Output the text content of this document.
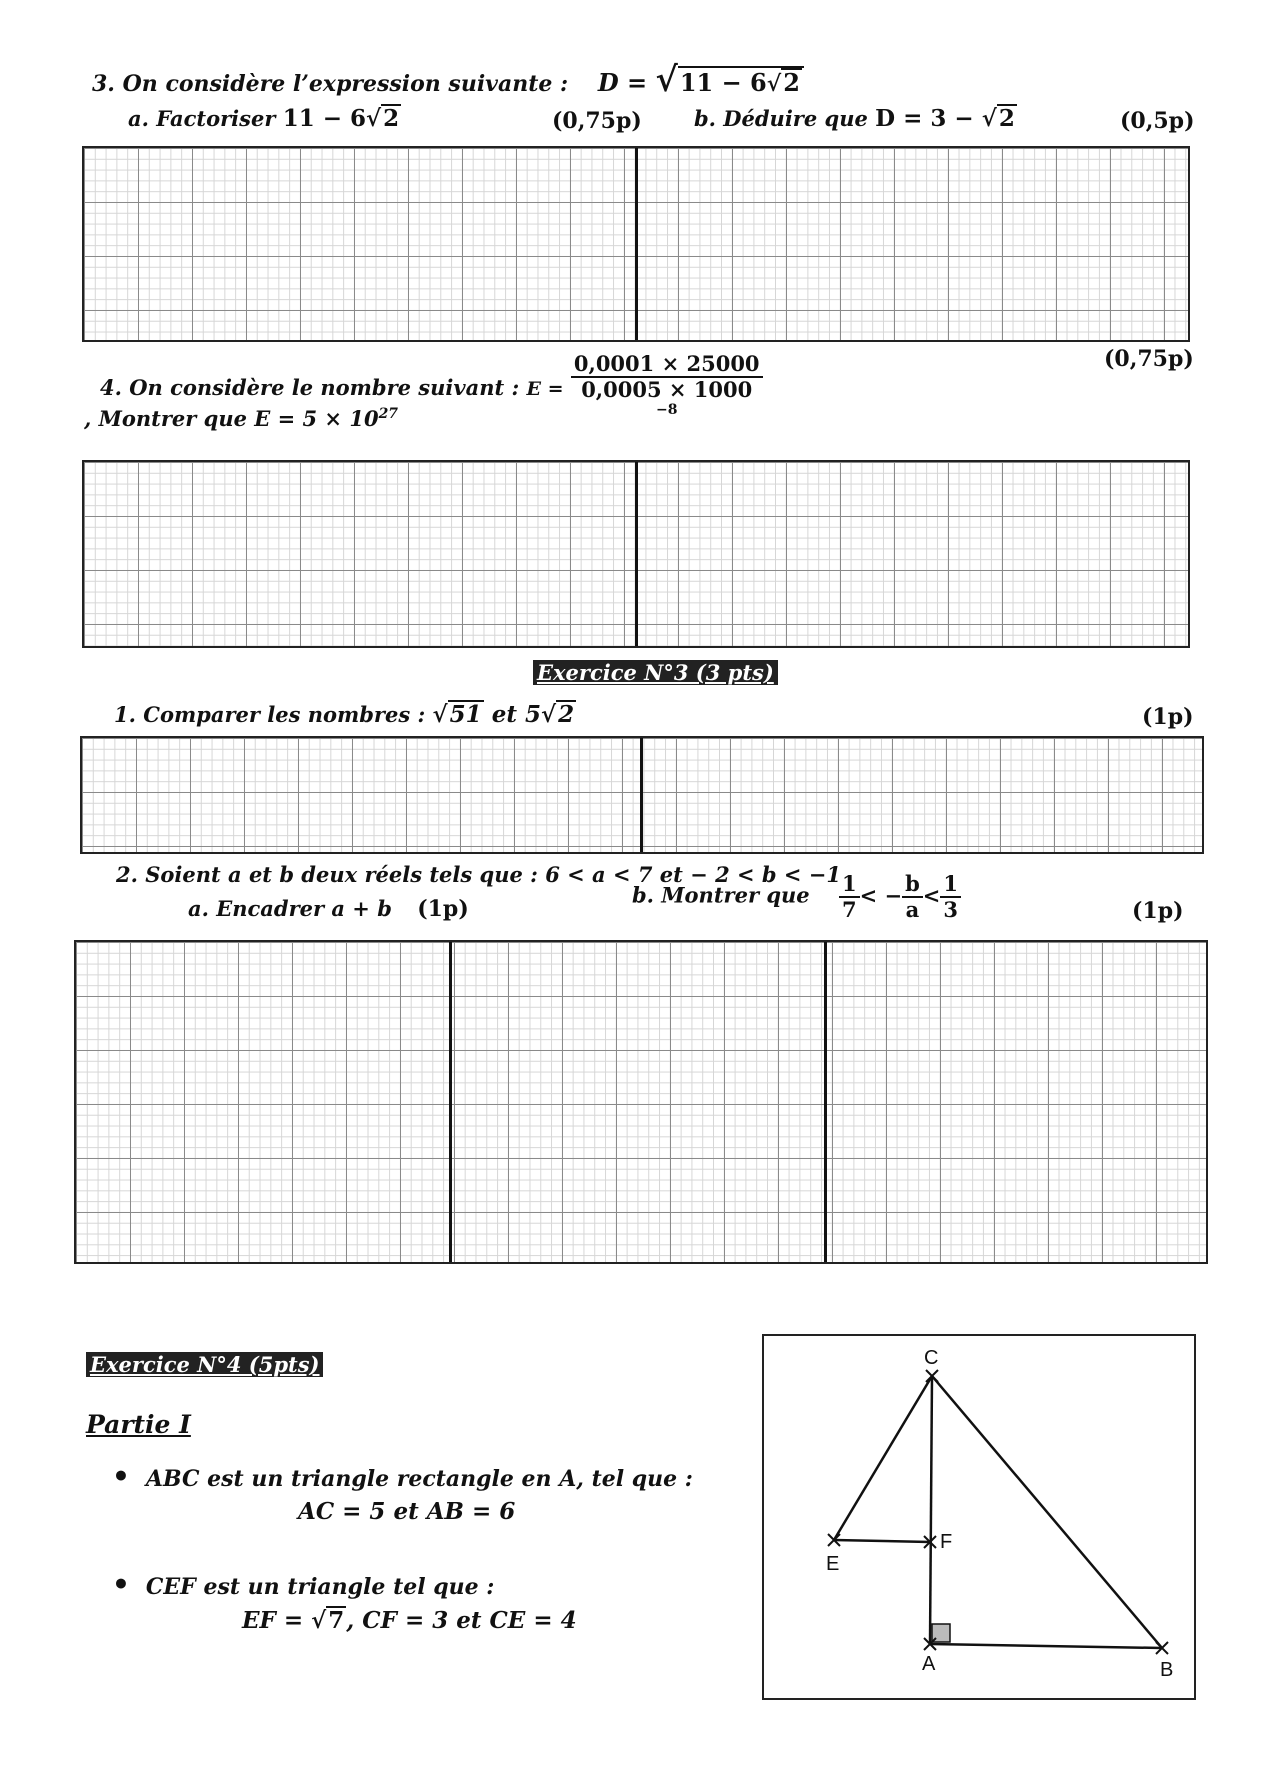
3. On considère l’expression suivante : D = √11 − 6√2
a. Factoriser 11 − 6√2	(0,75p) b. Déduire que D = 3 − √2	(0,5p)
4. On considère le nombre suivant : E = 0,0001 × 25000
0,0005 × 1000
$^{-8}$	(0,75p)
, Montrer que $E = 5 \times 10^{27}$
Exercice N°3 (3 pts)
1. Comparer les nombres : √51 et 5√2	(1p)
2. Soient a et b deux réels tels que : 6 < a < 7 et − 2 < b < −1
a. Encadrer a + b (1p)
b. Montrer que $\frac{1}{7}$ < − $\frac{b}{a} < \frac{1}{3}$	(1p)
Exercice N°4 (5pts)
Partie I
• ABC est un triangle rectangle en A, tel que :
AC = 5 et AB = 6
• CEF est un triangle tel que :
EF = √7, CF = 3 et CE = 4
C
E
F
A	B
